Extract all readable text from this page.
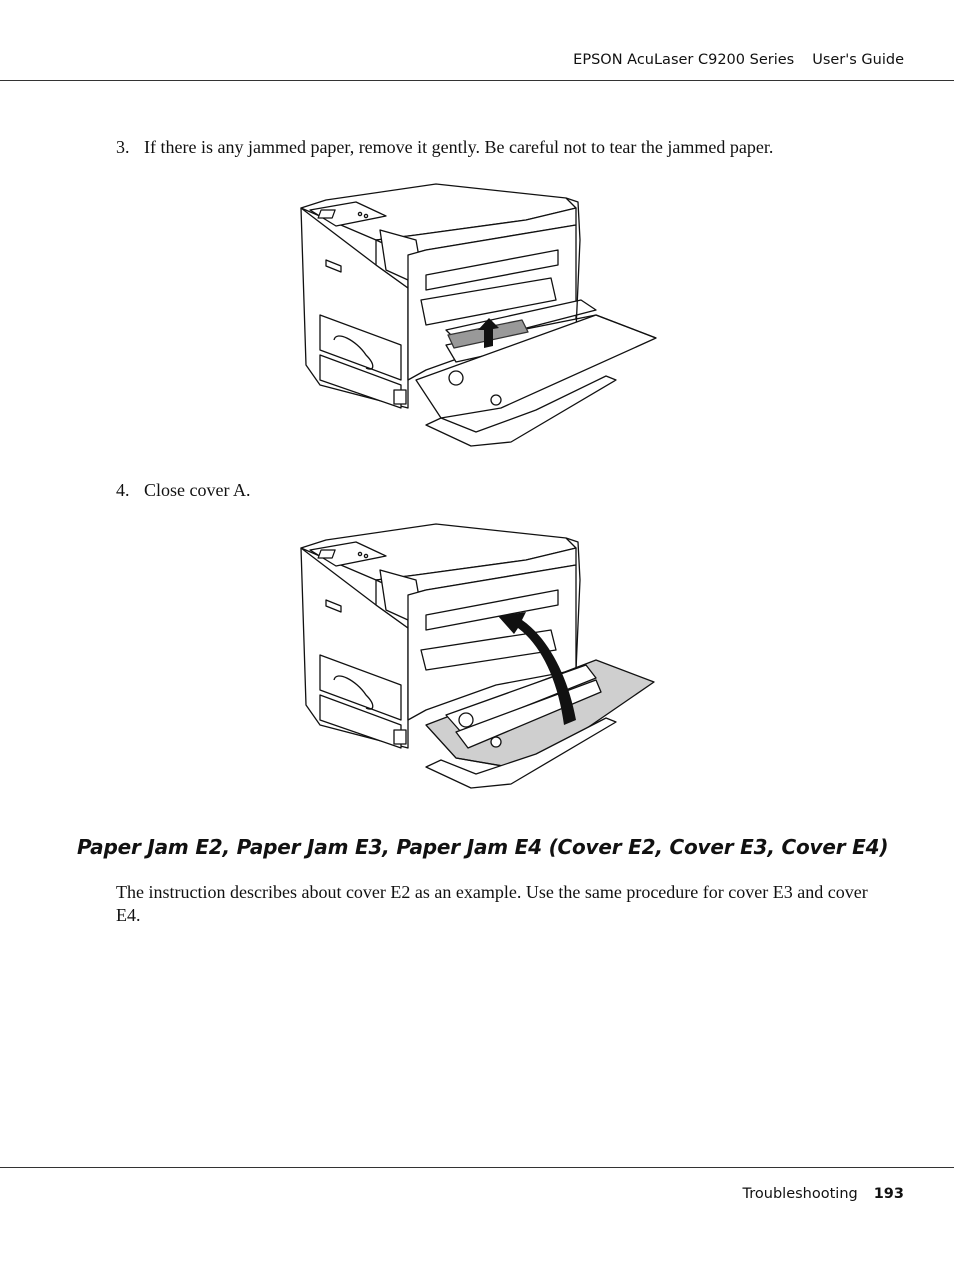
EPSON AcuLaser C9200 Series User's Guide
3. If there is any jammed paper, remove it gently. Be careful not to tear the jammed paper.
4. Close cover A.
Paper Jam E2, Paper Jam E3, Paper Jam E4 (Cover E2, Cover E3, Cover E4)
The instruction describes about cover E2 as an example. Use the same procedure for cover E3 and cover E4.
Troubleshooting 193
